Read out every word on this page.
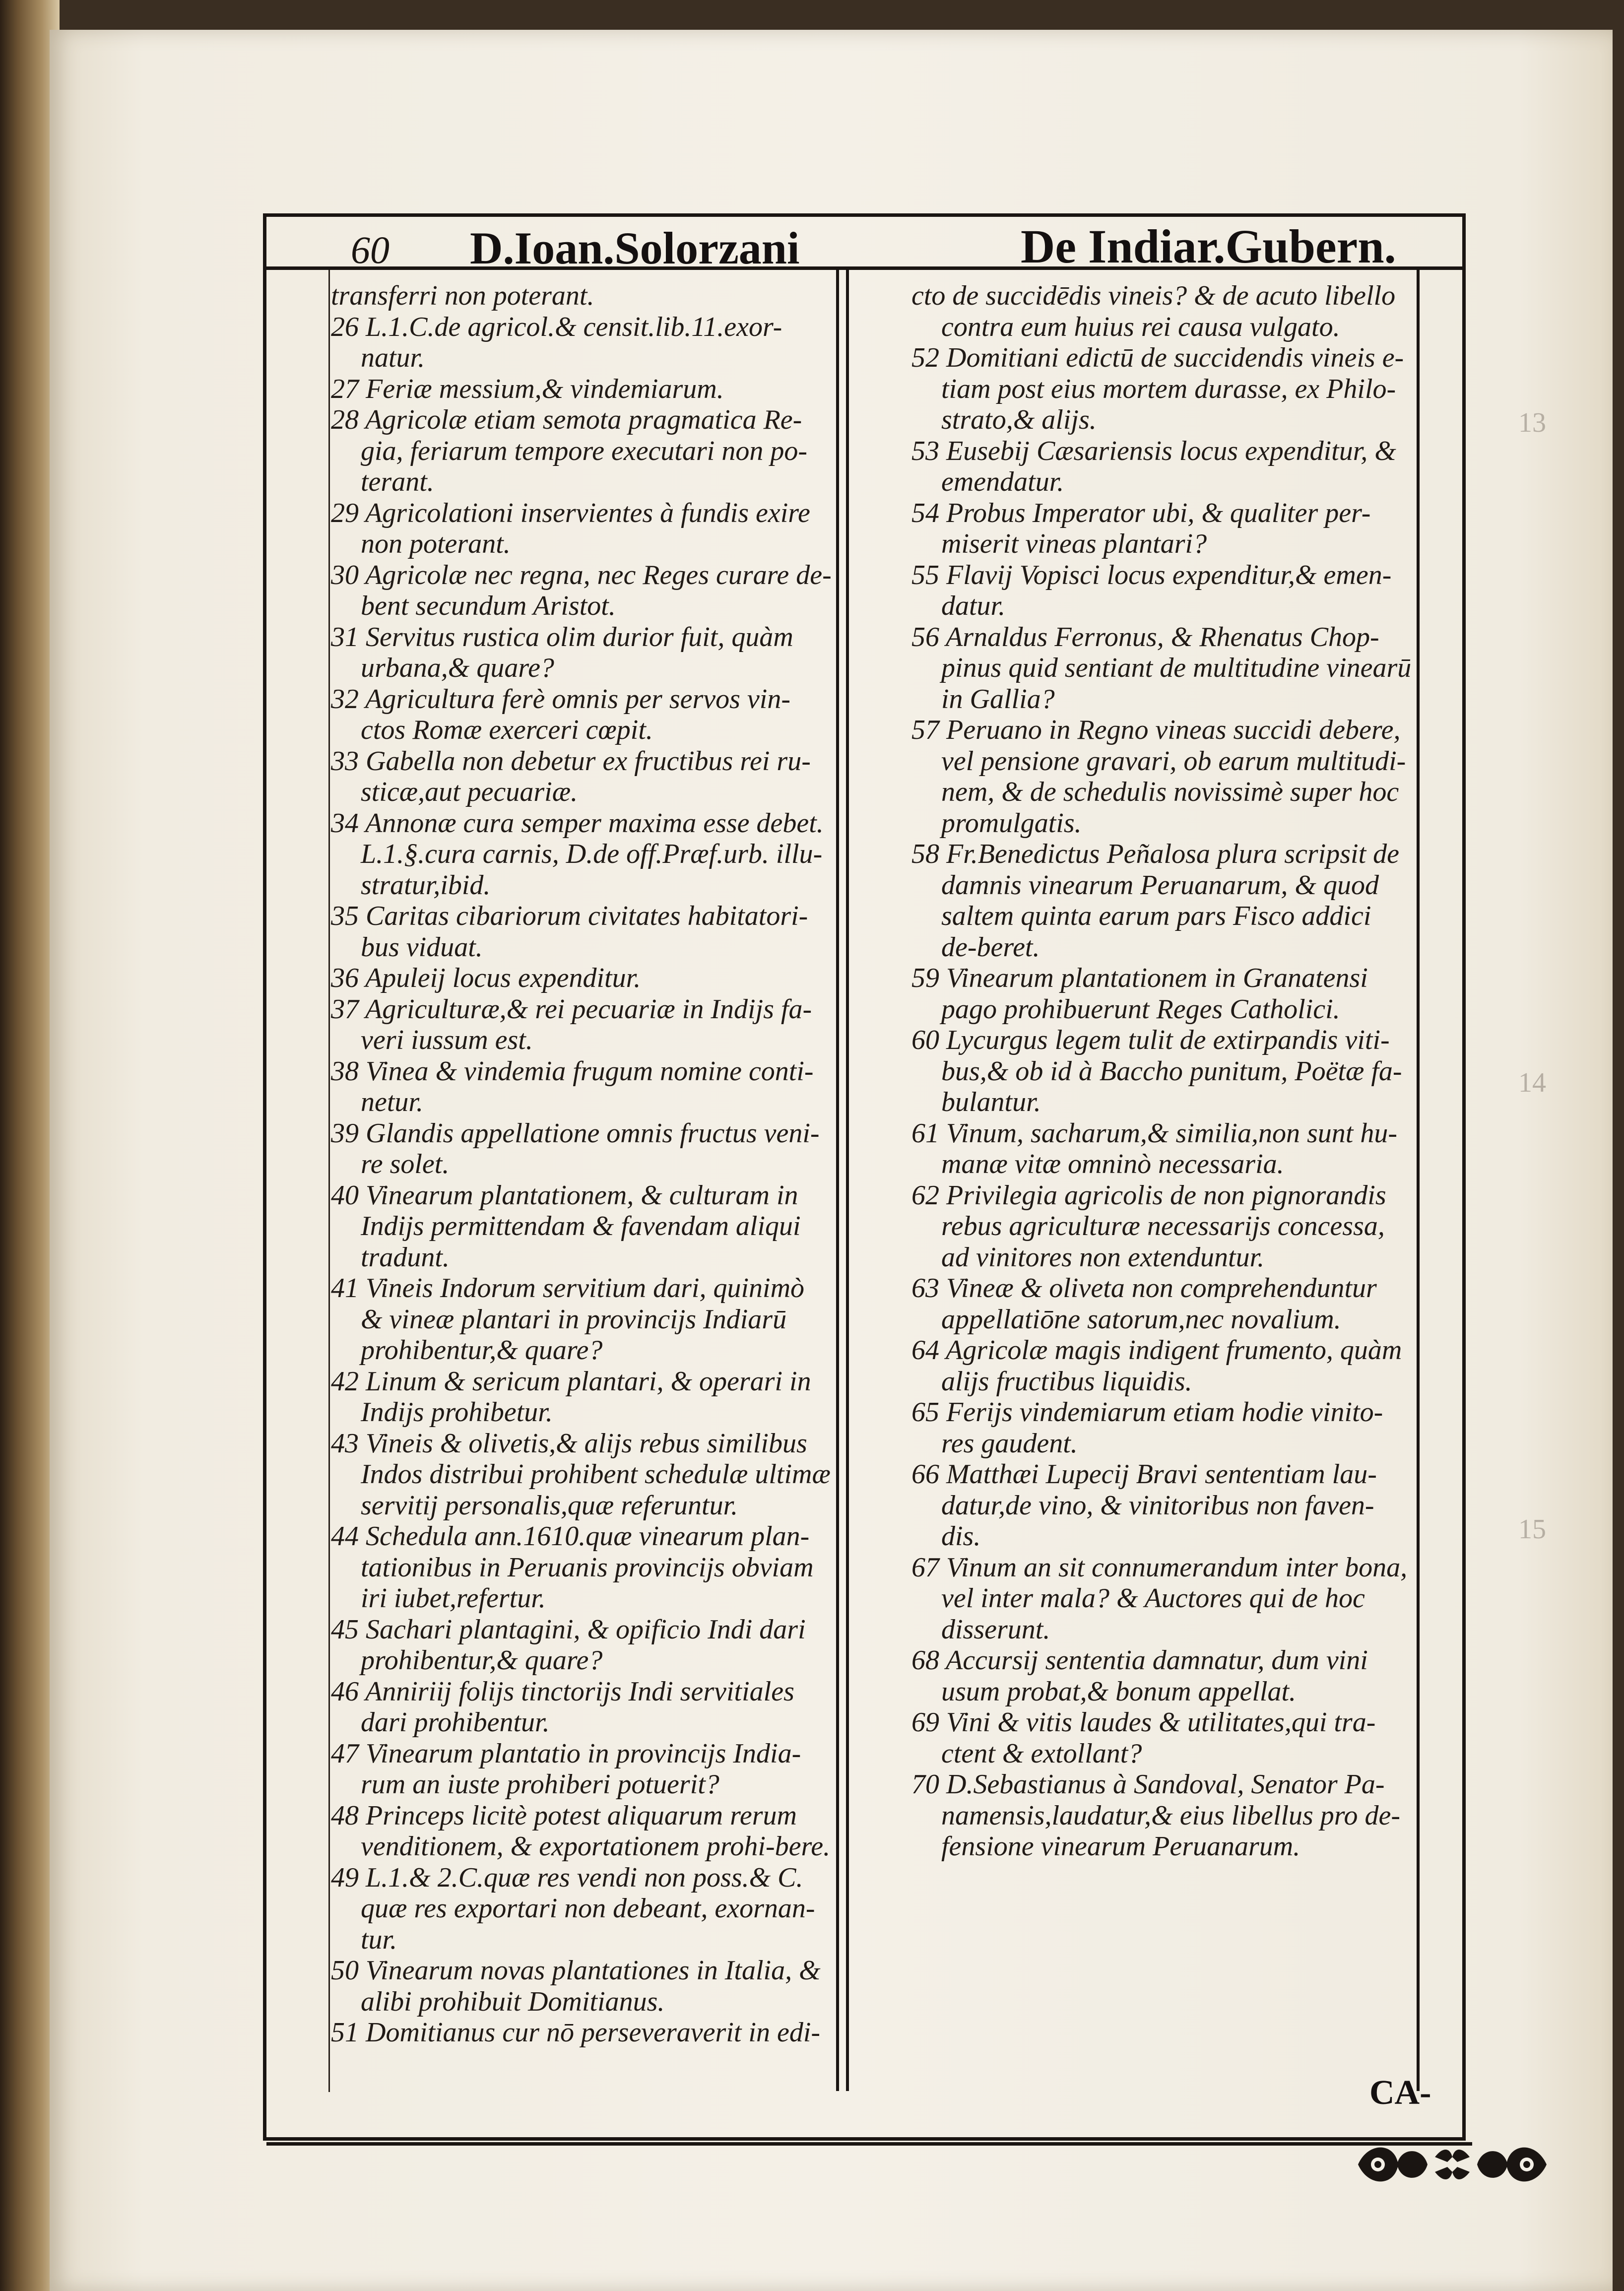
13
14
15
60 D.Ioan.Solorzani	De Indiar.Gubern.

transferri non poterant.

26 L.1.C.de agricol.& censit.lib.11.exor-natur.

27 Feriæ messium,& vindemiarum.

28 Agricolæ etiam semota pragmatica Re-gia, feriarum tempore executari non po-terant.

29 Agricolationi inservientes à fundis exire non poterant.

30 Agricolæ nec regna, nec Reges curare de-bent secundum Aristot.

31 Servitus rustica olim durior fuit, quàm urbana,& quare?

32 Agricultura ferè omnis per servos vin-ctos Romæ exerceri cœpit.

33 Gabella non debetur ex fructibus rei ru-sticæ,aut pecuariæ.

34 Annonæ cura semper maxima esse debet. L.1.§.cura carnis, D.de off.Præf.urb. illu-stratur,ibid.

35 Caritas cibariorum civitates habitatori-bus viduat.

36 Apuleij locus expenditur.

37 Agriculturæ,& rei pecuariæ in Indijs fa-veri iussum est.

38 Vinea & vindemia frugum nomine conti-netur.

39 Glandis appellatione omnis fructus veni-re solet.

40 Vinearum plantationem, & culturam in Indijs permittendam & favendam aliqui tradunt.

41 Vineis Indorum servitium dari, quinimò & vineæ plantari in provincijs Indiarū prohibentur,& quare?

42 Linum & sericum plantari, & operari in Indijs prohibetur.

43 Vineis & olivetis,& alijs rebus similibus Indos distribui prohibent schedulæ ultimæ servitij personalis,quæ referuntur.

44 Schedula ann.1610.quæ vinearum plan-tationibus in Peruanis provincijs obviam iri iubet,refertur.

45 Sachari plantagini, & opificio Indi dari prohibentur,& quare?

46 Anniriij folijs tinctorijs Indi servitiales dari prohibentur.

47 Vinearum plantatio in provincijs India-rum an iuste prohiberi potuerit?

48 Princeps licitè potest aliquarum rerum venditionem, & exportationem prohi-bere.

49 L.1.& 2.C.quæ res vendi non poss.& C. quæ res exportari non debeant, exornan-tur.

50 Vinearum novas plantationes in Italia, & alibi prohibuit Domitianus.

51 Domitianus cur nō perseveraverit in edi-

cto de succidēdis vineis? & de acuto libello contra eum huius rei causa vulgato.

52 Domitiani edictū de succidendis vineis e-tiam post eius mortem durasse, ex Philo-strato,& alijs.

53 Eusebij Cæsariensis locus expenditur, & emendatur.

54 Probus Imperator ubi, & qualiter per-miserit vineas plantari?

55 Flavij Vopisci locus expenditur,& emen-datur.

56 Arnaldus Ferronus, & Rhenatus Chop-pinus quid sentiant de multitudine vinearū in Gallia?

57 Peruano in Regno vineas succidi debere, vel pensione gravari, ob earum multitudi-nem, & de schedulis novissimè super hoc promulgatis.

58 Fr.Benedictus Peñalosa plura scripsit de damnis vinearum Peruanarum, & quod saltem quinta earum pars Fisco addici de-beret.

59 Vinearum plantationem in Granatensi pago prohibuerunt Reges Catholici.

60 Lycurgus legem tulit de extirpandis viti-bus,& ob id à Baccho punitum, Poëtæ fa-bulantur.

61 Vinum, sacharum,& similia,non sunt hu-manæ vitæ omninò necessaria.

62 Privilegia agricolis de non pignorandis rebus agriculturæ necessarijs concessa, ad vinitores non extenduntur.

63 Vineæ & oliveta non comprehenduntur appellatiōne satorum,nec novalium.

64 Agricolæ magis indigent frumento, quàm alijs fructibus liquidis.

65 Ferijs vindemiarum etiam hodie vinito-res gaudent.

66 Matthæi Lupecij Bravi sententiam lau-datur,de vino, & vinitoribus non faven-dis.

67 Vinum an sit connumerandum inter bona, vel inter mala? & Auctores qui de hoc disserunt.

68 Accursij sententia damnatur, dum vini usum probat,& bonum appellat.

69 Vini & vitis laudes & utilitates,qui tra-ctent & extollant?

70 D.Sebastianus à Sandoval, Senator Pa-namensis,laudatur,& eius libellus pro de-fensione vinearum Peruanarum.

CA-
